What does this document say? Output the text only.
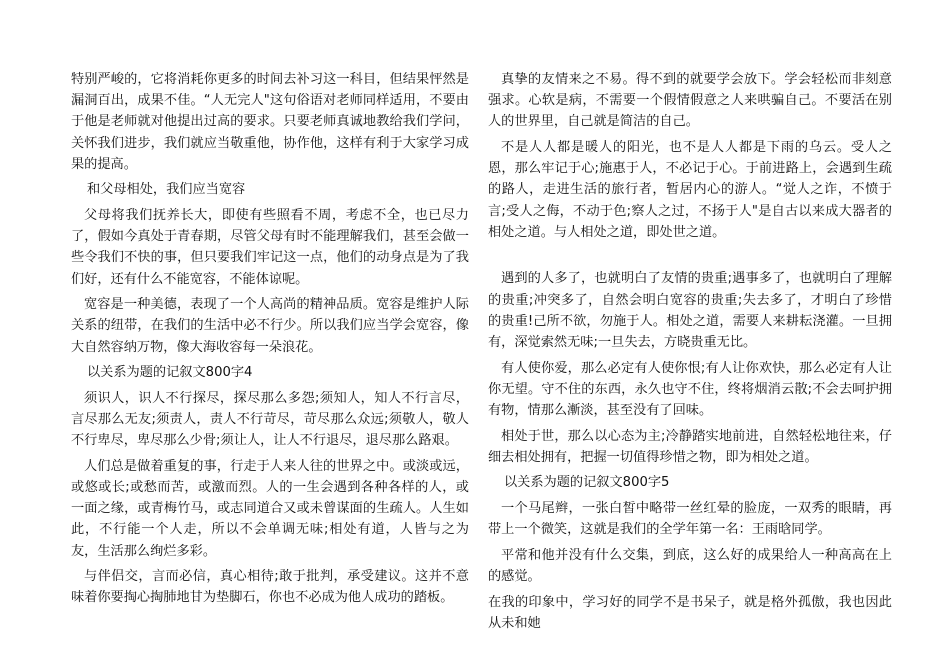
特别严峻的，它将消耗你更多的时间去补习这一科目，但结果怦然是漏洞百出，成果不佳。“人无完人"这句俗语对老师同样适用，不要由于他是老师就对他提出过高的要求。只要老师真诚地教给我们学问，关怀我们进步，我们就应当敬重他，协作他，这样有利于大家学习成果的提高。

和父母相处，我们应当宽容

父母将我们抚养长大，即使有些照看不周，考虑不全，也已尽力了，假如今真处于青春期，尽管父母有时不能理解我们，甚至会做一些令我们不快的事，但只要我们牢记这一点，他们的动身点是为了我们好，还有什么不能宽容，不能体谅呢。

宽容是一种美德，表现了一个人高尚的精神品质。宽容是维护人际关系的纽带，在我们的生活中必不行少。所以我们应当学会宽容，像大自然容纳万物，像大海收容每一朵浪花。

以关系为题的记叙文800字4

须识人，识人不行探尽，探尽那么多怨;须知人，知人不行言尽，言尽那么无友;须责人，责人不行苛尽，苛尽那么众远;须敬人，敬人不行卑尽，卑尽那么少骨;须让人，让人不行退尽，退尽那么路艰。

人们总是做着重复的事，行走于人来人往的世界之中。或淡或远，或悠或长;或愁而苦，或激而烈。人的一生会遇到各种各样的人，或一面之缘，或青梅竹马，或志同道合又或未曾谋面的生疏人。人生如此，不行能一个人走，所以不会单调无味;相处有道，人皆与之为友，生活那么绚烂多彩。

与伴侣交，言而必信，真心相待;敢于批判，承受建议。这并不意味着你要掏心掏肺地甘为垫脚石，你也不必成为他人成功的踏板。

真挚的友情来之不易。得不到的就要学会放下。学会轻松而非刻意强求。心软是病，不需要一个假情假意之人来哄骗自己。不要活在别人的世界里，自己就是简洁的自己。

不是人人都是暖人的阳光，也不是人人都是下雨的乌云。受人之恩，那么牢记于心;施惠于人，不必记于心。于前进路上，会遇到生疏的路人，走进生活的旅行者，暂居内心的游人。“觉人之诈，不愤于言;受人之侮，不动于色;察人之过，不扬于人"是自古以来成大器者的相处之道。与人相处之道，即处世之道。

遇到的人多了，也就明白了友情的贵重;遇事多了，也就明白了理解的贵重;冲突多了，自然会明白宽容的贵重;失去多了，才明白了珍惜的贵重!己所不欲，勿施于人。相处之道，需要人来耕耘浇灌。一旦拥有，深觉索然无味;一旦失去，方晓贵重无比。

有人使你爱，那么必定有人使你恨;有人让你欢快，那么必定有人让你无望。守不住的东西，永久也守不住，终将烟消云散;不会去呵护拥有物，情那么漸淡，甚至没有了回味。

相处于世，那么以心态为主;冷静踏实地前进，自然轻松地往来，仔细去相处拥有，把握一切值得珍惜之物，即为相处之道。

以关系为题的记叙文800字5

一个马尾辫，一张白皙中略带一丝红晕的脸庞，一双秀的眼睛，再带上一个微笑，这就是我们的全学年第一名：王雨晗同学。

平常和他并没有什么交集，到底，这么好的成果给人一种高高在上的感觉。

在我的印象中，学习好的同学不是书呆子，就是格外孤傲，我也因此从未和她
